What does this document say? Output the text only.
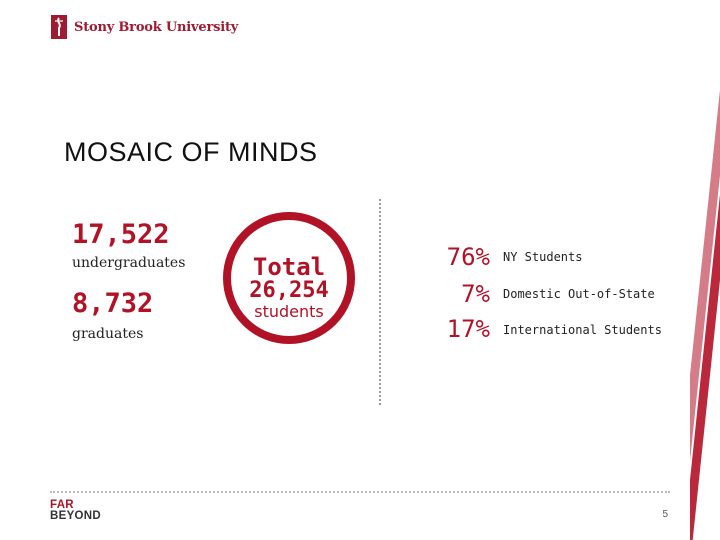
Stony Brook University
MOSAIC OF MINDS
17,522
undergraduates
8,732
graduates
Total
26,254
students
76% NY Students
7% Domestic Out-of-State
17% International Students
FAR
BEYOND	5
